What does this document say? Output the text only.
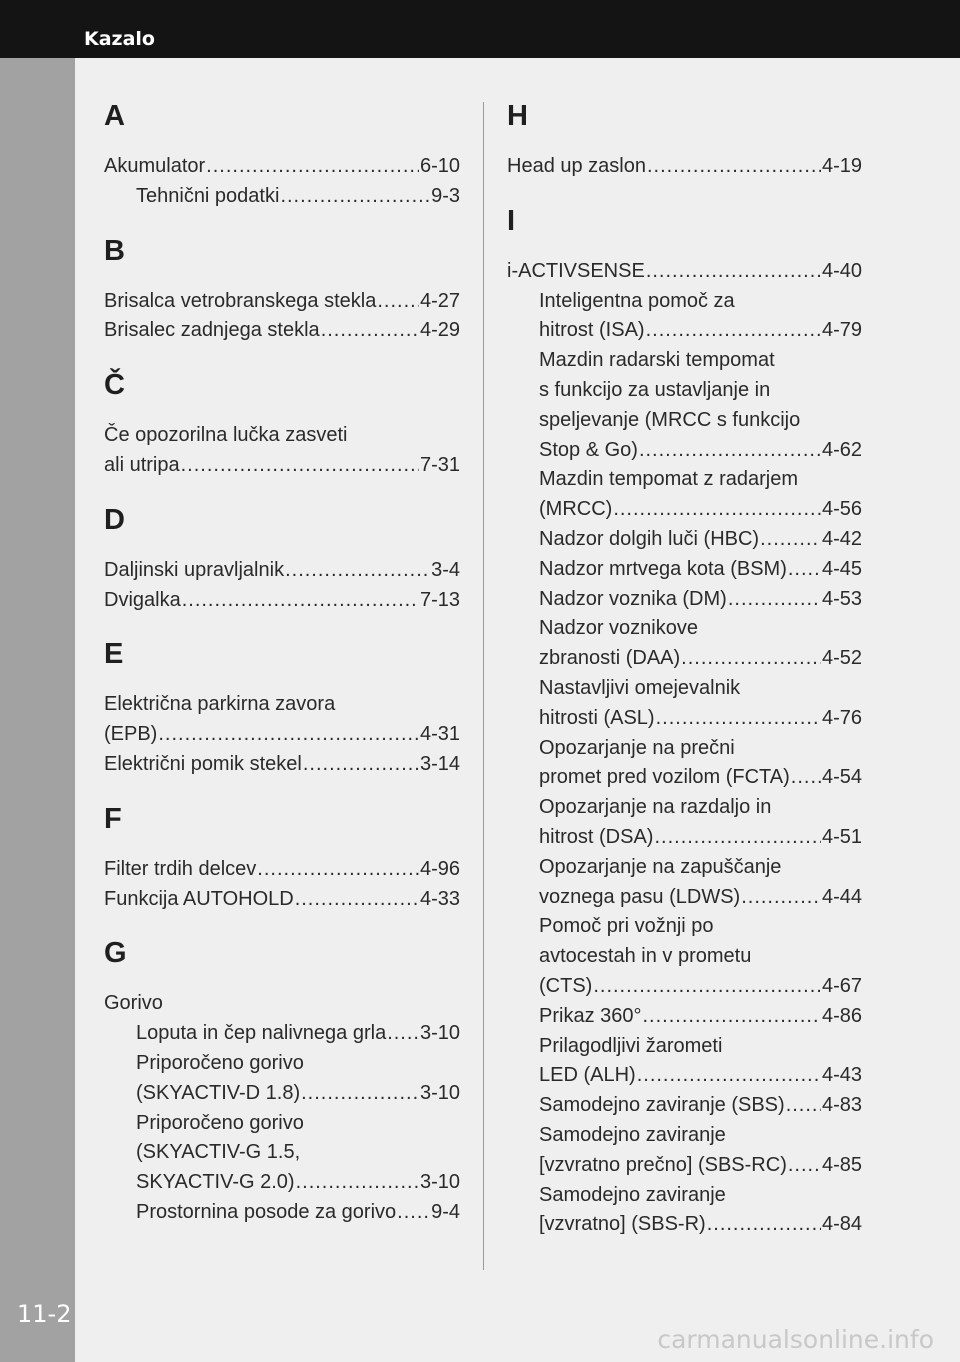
Kazalo
11-2
A
Akumulator .....	6-10
Tehnični podatki .....	9-3
B
Brisalca vetrobranskega stekla ..... 4-27
Brisalec zadnjega stekla .....	4-29
Č
Če opozorilna lučka zasveti
ali utripa .....	7-31
D
Daljinski upravljalnik .....	3-4
Dvigalka .....	7-13
E
Električna parkirna zavora
(EPB) .....	4-31
Električni pomik stekel .....	3-14
F
Filter trdih delcev .....	4-96
Funkcija AUTOHOLD .....	4-33
G
Gorivo
Loputa in čep nalivnega grla ..... 3-10
Priporočeno gorivo
(SKYACTIV-D 1.8) .....	3-10
Priporočeno gorivo
(SKYACTIV-G 1.5,
SKYACTIV-G 2.0) .....	3-10
Prostornina posode za gorivo ..... 9-4
H
Head up zaslon .....	4-19
I
i-ACTIVSENSE .....	4-40
Inteligentna pomoč za
hitrost (ISA) .....	4-79
Mazdin radarski tempomat
s funkcijo za ustavljanje in
speljevanje (MRCC s funkcijo
Stop & Go) .....	4-62
Mazdin tempomat z radarjem
(MRCC) .....	4-56
Nadzor dolgih luči (HBC) .....	4-42
Nadzor mrtvega kota (BSM) ..... 4-45
Nadzor voznika (DM) .....	4-53
Nadzor voznikove
zbranosti (DAA) .....	4-52
Nastavljivi omejevalnik
hitrosti (ASL) .....	4-76
Opozarjanje na prečni
promet pred vozilom (FCTA) ..... 4-54
Opozarjanje na razdaljo in
hitrost (DSA) .....	4-51
Opozarjanje na zapuščanje
voznega pasu (LDWS) .....	4-44
Pomoč pri vožnji po
avtocestah in v prometu
(CTS) .....	4-67
Prikaz 360° .....	4-86
Prilagodljivi žarometi
LED (ALH) .....	4-43
Samodejno zaviranje (SBS) ..... 4-83
Samodejno zaviranje
[vzvratno prečno] (SBS-RC) ..... 4-85
Samodejno zaviranje
[vzvratno] (SBS-R) .....	4-84
carmanualsonline.info
